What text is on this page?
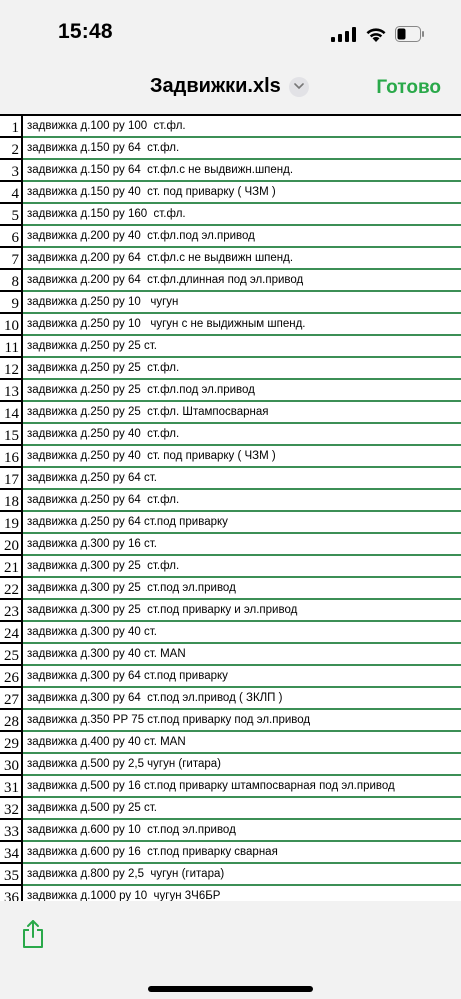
15:48
Задвижки.xls	Готово
1 задвижка д.100 ру 100  ст.фл.
2 задвижка д.150 ру 64  ст.фл.
3 задвижка д.150 ру 64  ст.фл.с не выдвижн.шпенд.
4 задвижка д.150 ру 40  ст. под приварку ( ЧЗМ )
5 задвижка д.150 ру 160  ст.фл.
6 задвижка д.200 ру 40  ст.фл.под эл.привод
7 задвижка д.200 ру 64  ст.фл.с не выдвижн шпенд.
8 задвижка д.200 ру 64  ст.фл.длинная под эл.привод
9 задвижка д.250 ру 10   чугун
10 задвижка д.250 ру 10   чугун с не выдижным шпенд.
11 задвижка д.250 ру 25 ст.
12 задвижка д.250 ру 25  ст.фл.
13 задвижка д.250 ру 25  ст.фл.под эл.привод
14 задвижка д.250 ру 25  ст.фл. Штампосварная
15 задвижка д.250 ру 40  ст.фл.
16 задвижка д.250 ру 40  ст. под приварку ( ЧЗМ )
17 задвижка д.250 ру 64 ст.
18 задвижка д.250 ру 64  ст.фл.
19 задвижка д.250 ру 64 ст.под приварку
20 задвижка д.300 ру 16 ст.
21 задвижка д.300 ру 25  ст.фл.
22 задвижка д.300 ру 25  ст.под эл.привод
23 задвижка д.300 ру 25  ст.под приварку и эл.привод
24 задвижка д.300 ру 40 ст.
25 задвижка д.300 ру 40 ст. MAN
26 задвижка д.300 ру 64 ст.под приварку
27 задвижка д.300 ру 64  ст.под эл.привод ( ЗКЛП )
28 задвижка д.350 РР 75 ст.под приварку под эл.привод
29 задвижка д.400 ру 40 ст. MAN
30 задвижка д.500 ру 2,5 чугун (гитара)
31 задвижка д.500 ру 16 ст.под приварку штампосварная под эл.привод
32 задвижка д.500 ру 25 ст.
33 задвижка д.600 ру 10  ст.под эл.привод
34 задвижка д.600 ру 16  ст.под приварку сварная
35 задвижка д.800 ру 2,5  чугун (гитара)
36 задвижка д.1000 ру 10  чугун 3Ч6БР
